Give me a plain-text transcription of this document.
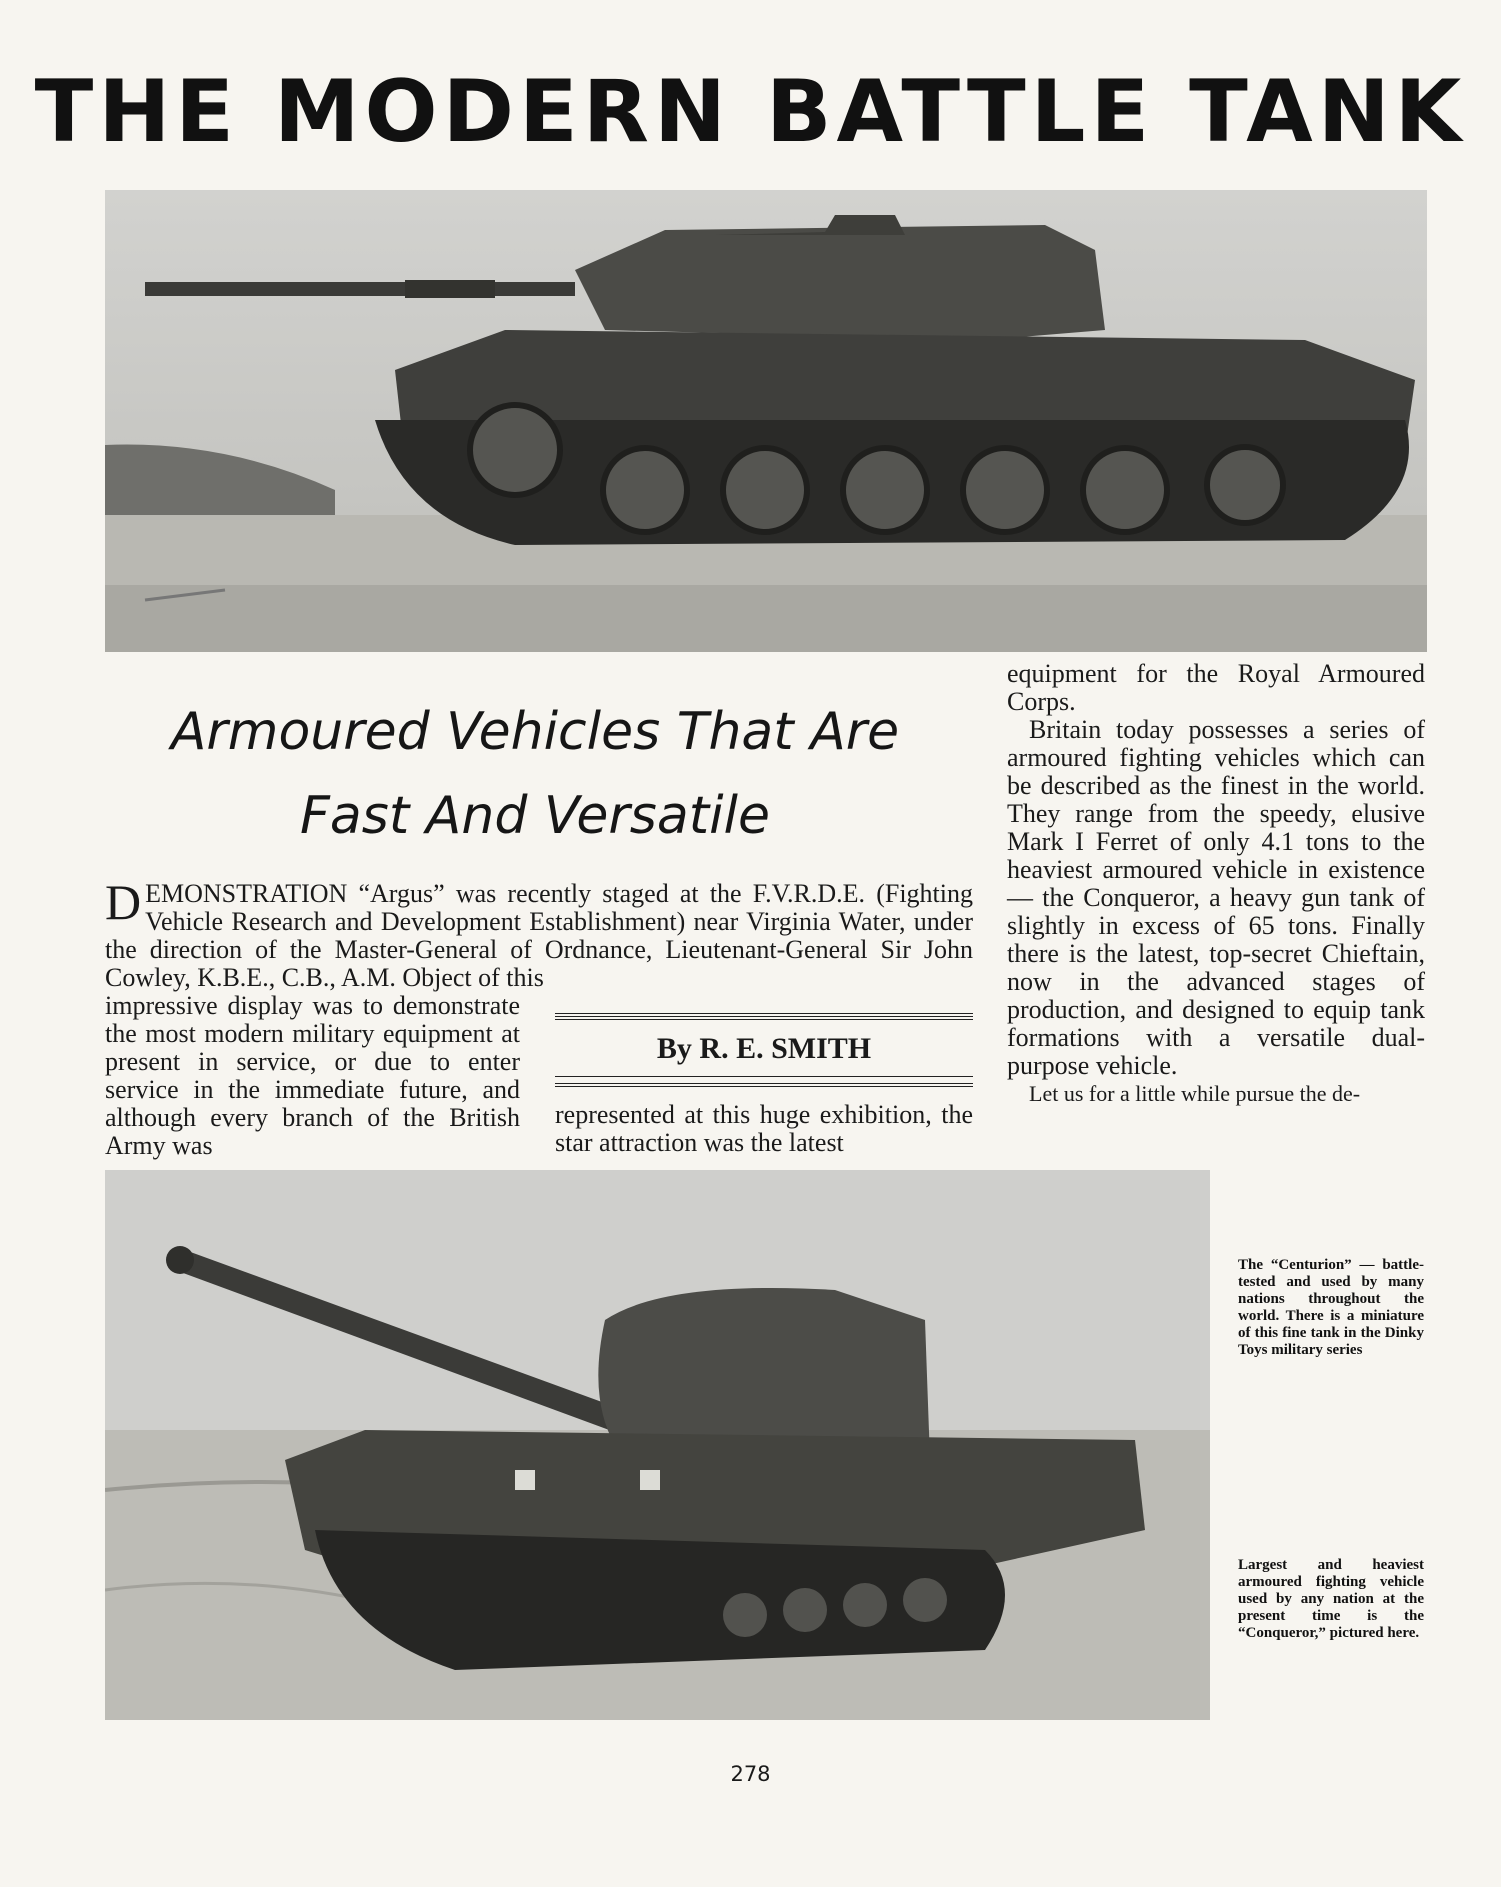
THE MODERN BATTLE TANK
Armoured Vehicles That Are
Fast And Versatile
DEMONSTRATION “Argus” was recently staged at the F.V.R.D.E. (Fighting Vehicle Research and Development Establishment) near Virginia Water, under the direction of the Master-General of Ordnance, Lieutenant-General Sir John Cowley, K.B.E., C.B., A.M. Object of this
impressive display was to demonstrate the most modern military equipment at present in service, or due to enter service in the immediate future, and although every branch of the British Army was
By R. E. SMITH
represented at this huge exhibition, the star attraction was the latest
equipment for the Royal Armoured Corps.
Britain today possesses a series of armoured fighting vehicles which can be described as the finest in the world. They range from the speedy, elusive Mark I Ferret of only 4.1 tons to the heaviest armoured vehicle in existence — the Conqueror, a heavy gun tank of slightly in excess of 65 tons. Finally there is the latest, top-secret Chieftain, now in the advanced stages of production, and designed to equip tank formations with a versatile dual-purpose vehicle.
Let us for a little while pursue the de-
The “Centurion” — battle-tested and used by many nations throughout the world. There is a miniature of this fine tank in the Dinky Toys military series
Largest and heaviest armoured fighting vehicle used by any nation at the present time is the “Conqueror,” pictured here.
278
